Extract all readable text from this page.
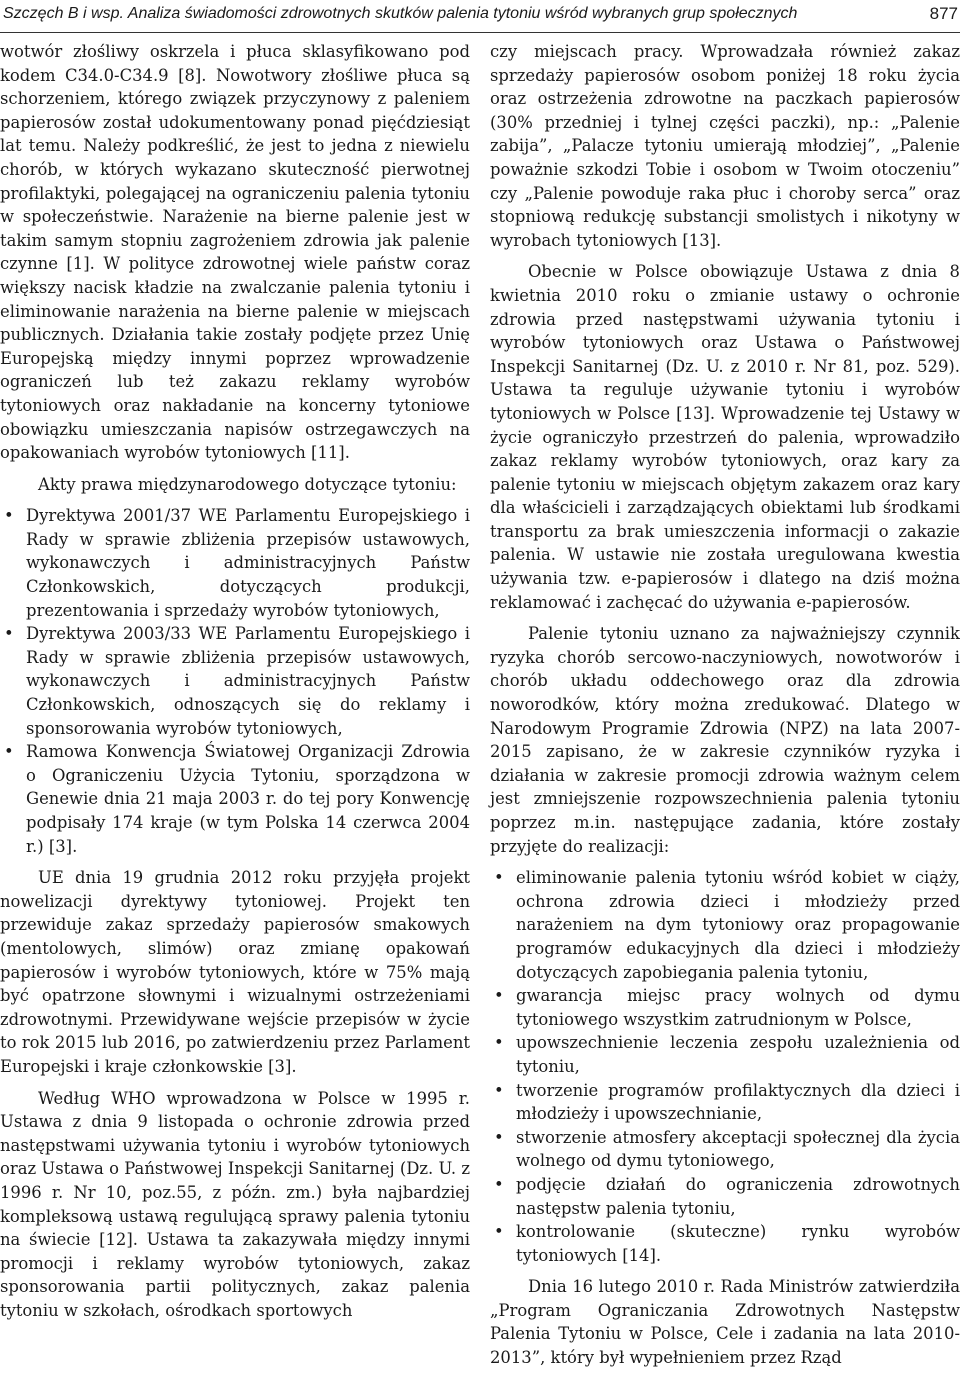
Szczęch B i wsp. Analiza świadomości zdrowotnych skutków palenia tytoniu wśród wybranych grup społecznych	877

wotwór złośliwy oskrzela i płuca sklasyfikowano pod kodem C34.0-C34.9 [8]. Nowotwory złośliwe płuca są schorzeniem, którego związek przyczynowy z paleniem papierosów został udokumentowany ponad pięćdziesiąt lat temu. Należy podkreślić, że jest to jedna z niewielu chorób, w których wykazano skuteczność pierwotnej profilaktyki, polegającej na ograniczeniu palenia tytoniu w społeczeństwie. Narażenie na bierne palenie jest w takim samym stopniu zagrożeniem zdrowia jak palenie czynne [1]. W polityce zdrowotnej wiele państw coraz większy nacisk kładzie na zwalczanie palenia tytoniu i eliminowanie narażenia na bierne palenie w miejscach publicznych. Działania takie zostały podjęte przez Unię Europejską między innymi poprzez wprowadzenie ograniczeń lub też zakazu reklamy wyrobów tytoniowych oraz nakładanie na koncerny tytoniowe obowiązku umieszczania napisów ostrzegawczych na opakowaniach wyrobów tytoniowych [11].

Akty prawa międzynarodowego dotyczące tytoniu:

• Dyrektywa 2001/37 WE Parlamentu Europejskiego i Rady w sprawie zbliżenia przepisów ustawowych, wykonawczych i administracyjnych Państw Członkowskich, dotyczących produkcji, prezentowania i sprzedaży wyrobów tytoniowych,
• Dyrektywa 2003/33 WE Parlamentu Europejskiego i Rady w sprawie zbliżenia przepisów ustawowych, wykonawczych i administracyjnych Państw Członkowskich, odnoszących się do reklamy i sponsorowania wyrobów tytoniowych,
• Ramowa Konwencja Światowej Organizacji Zdrowia o Ograniczeniu Użycia Tytoniu, sporządzona w Genewie dnia 21 maja 2003 r. do tej pory Konwencję podpisały 174 kraje (w tym Polska 14 czerwca 2004 r.) [3].

UE dnia 19 grudnia 2012 roku przyjęła projekt nowelizacji dyrektywy tytoniowej. Projekt ten przewiduje zakaz sprzedaży papierosów smakowych (mentolowych, slimów) oraz zmianę opakowań papierosów i wyrobów tytoniowych, które w 75% mają być opatrzone słownymi i wizualnymi ostrzeżeniami zdrowotnymi. Przewidywane wejście przepisów w życie to rok 2015 lub 2016, po zatwierdzeniu przez Parlament Europejski i kraje członkowskie [3].

Według WHO wprowadzona w Polsce w 1995 r. Ustawa z dnia 9 listopada o ochronie zdrowia przed następstwami używania tytoniu i wyrobów tytoniowych oraz Ustawa o Państwowej Inspekcji Sanitarnej (Dz. U. z 1996 r. Nr 10, poz.55, z późn. zm.) była najbardziej kompleksową ustawą regulującą sprawy palenia tytoniu na świecie [12]. Ustawa ta zakazywała między innymi promocji i reklamy wyrobów tytoniowych, zakaz sponsorowania partii politycznych, zakaz palenia tytoniu w szkołach, ośrodkach sportowych

czy miejscach pracy. Wprowadzała również zakaz sprzedaży papierosów osobom poniżej 18 roku życia oraz ostrzeżenia zdrowotne na paczkach papierosów (30% przedniej i tylnej części paczki), np.: „Palenie zabija”, „Palacze tytoniu umierają młodziej”, „Palenie poważnie szkodzi Tobie i osobom w Twoim otoczeniu” czy „Palenie powoduje raka płuc i choroby serca” oraz stopniową redukcję substancji smolistych i nikotyny w wyrobach tytoniowych [13].

Obecnie w Polsce obowiązuje Ustawa z dnia 8 kwietnia 2010 roku o zmianie ustawy o ochronie zdrowia przed następstwami używania tytoniu i wyrobów tytoniowych oraz Ustawa o Państwowej Inspekcji Sanitarnej (Dz. U. z 2010 r. Nr 81, poz. 529). Ustawa ta reguluje używanie tytoniu i wyrobów tytoniowych w Polsce [13]. Wprowadzenie tej Ustawy w życie ograniczyło przestrzeń do palenia, wprowadziło zakaz reklamy wyrobów tytoniowych, oraz kary za palenie tytoniu w miejscach objętym zakazem oraz kary dla właścicieli i zarządzających obiektami lub środkami transportu za brak umieszczenia informacji o zakazie palenia. W ustawie nie została uregulowana kwestia używania tzw. e-papierosów i dlatego na dziś można reklamować i zachęcać do używania e-papierosów.

Palenie tytoniu uznano za najważniejszy czynnik ryzyka chorób sercowo-naczyniowych, nowotworów i chorób układu oddechowego oraz dla zdrowia noworodków, który można zredukować. Dlatego w Narodowym Programie Zdrowia (NPZ) na lata 2007-2015 zapisano, że w zakresie czynników ryzyka i działania w zakresie promocji zdrowia ważnym celem jest zmniejszenie rozpowszechnienia palenia tytoniu poprzez m.in. następujące zadania, które zostały przyjęte do realizacji:

• eliminowanie palenia tytoniu wśród kobiet w ciąży, ochrona zdrowia dzieci i młodzieży przed narażeniem na dym tytoniowy oraz propagowanie programów edukacyjnych dla dzieci i młodzieży dotyczących zapobiegania palenia tytoniu,
• gwarancja miejsc pracy wolnych od dymu tytoniowego wszystkim zatrudnionym w Polsce,
• upowszechnienie leczenia zespołu uzależnienia od tytoniu,
• tworzenie programów profilaktycznych dla dzieci i młodzieży i upowszechnianie,
• stworzenie atmosfery akceptacji społecznej dla życia wolnego od dymu tytoniowego,
• podjęcie działań do ograniczenia zdrowotnych następstw palenia tytoniu,
• kontrolowanie (skuteczne) rynku wyrobów tytoniowych [14].

Dnia 16 lutego 2010 r. Rada Ministrów zatwierdziła „Program Ograniczania Zdrowotnych Następstw Palenia Tytoniu w Polsce, Cele i zadania na lata 2010-2013”, który był wypełnieniem przez Rząd
